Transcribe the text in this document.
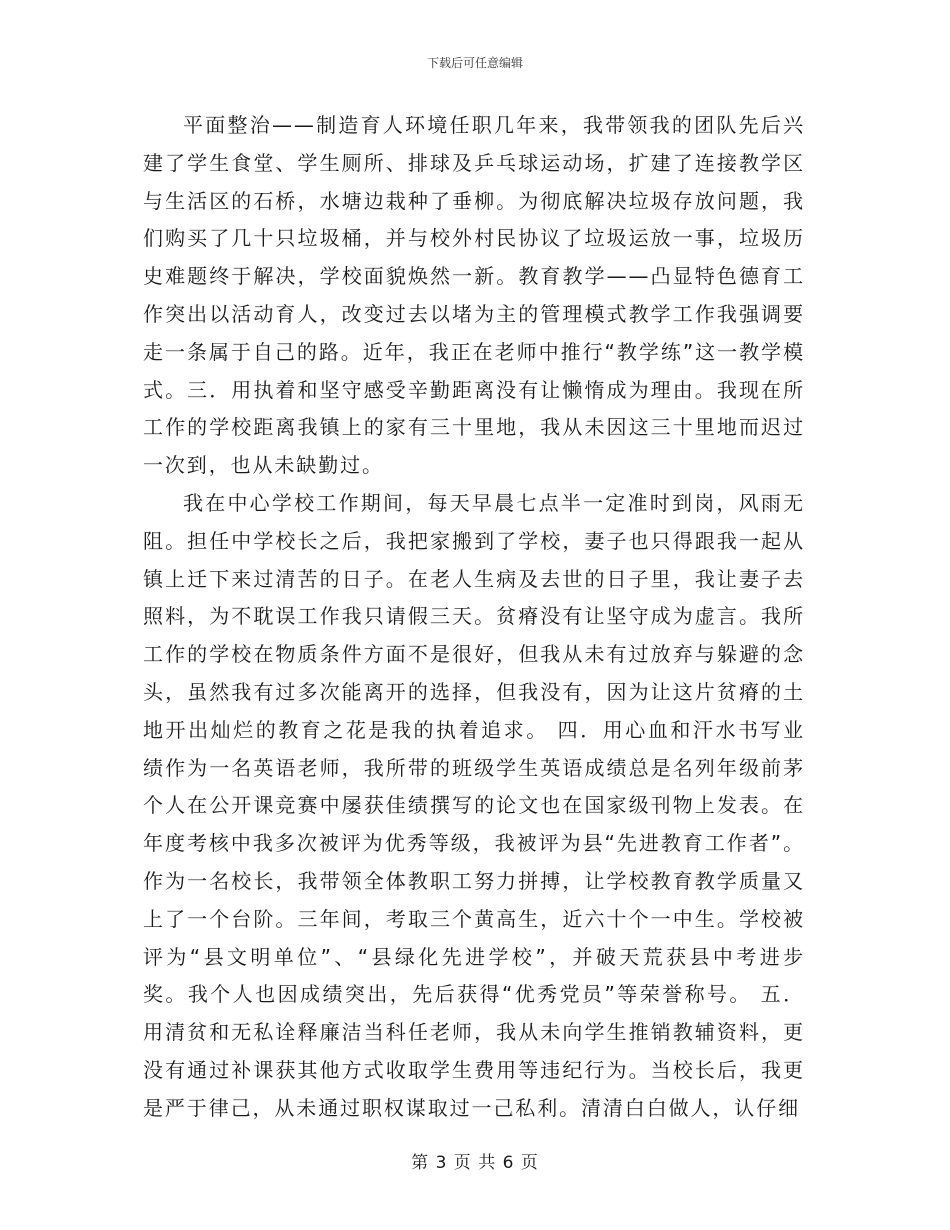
下载后可任意编辑

平面整治——制造育人环境任职几年来，我带领我的团队先后兴建了学生食堂、学生厕所、排球及乒乓球运动场，扩建了连接教学区与生活区的石桥，水塘边栽种了垂柳。为彻底解决垃圾存放问题，我们购买了几十只垃圾桶，并与校外村民协议了垃圾运放一事，垃圾历史难题终于解决，学校面貌焕然一新。教育教学——凸显特色德育工作突出以活动育人，改变过去以堵为主的管理模式教学工作我强调要走一条属于自己的路。近年，我正在老师中推行“教学练”这一教学模式。三．用执着和坚守感受辛勤距离没有让懒惰成为理由。我现在所工作的学校距离我镇上的家有三十里地，我从未因这三十里地而迟过一次到，也从未缺勤过。

我在中心学校工作期间，每天早晨七点半一定准时到岗，风雨无阻。担任中学校长之后，我把家搬到了学校，妻子也只得跟我一起从镇上迁下来过清苦的日子。在老人生病及去世的日子里，我让妻子去照料，为不耽误工作我只请假三天。贫瘠没有让坚守成为虚言。我所工作的学校在物质条件方面不是很好，但我从未有过放弃与躲避的念头，虽然我有过多次能离开的选择，但我没有，因为让这片贫瘠的土地开出灿烂的教育之花是我的执着追求。 四．用心血和汗水书写业绩作为一名英语老师，我所带的班级学生英语成绩总是名列年级前茅个人在公开课竞赛中屡获佳绩撰写的论文也在国家级刊物上发表。在年度考核中我多次被评为优秀等级，我被评为县“先进教育工作者”。作为一名校长，我带领全体教职工努力拼搏，让学校教育教学质量又上了一个台阶。三年间，考取三个黄高生，近六十个一中生。学校被评为“县文明单位”、“县绿化先进学校”，并破天荒获县中考进步奖。我个人也因成绩突出，先后获得“优秀党员”等荣誉称号。 五．用清贫和无私诠释廉洁当科任老师，我从未向学生推销教辅资料，更没有通过补课获其他方式收取学生费用等违纪行为。当校长后，我更是严于律己，从未通过职权谋取过一己私利。清清白白做人，认仔细

第 3 页 共 6 页
